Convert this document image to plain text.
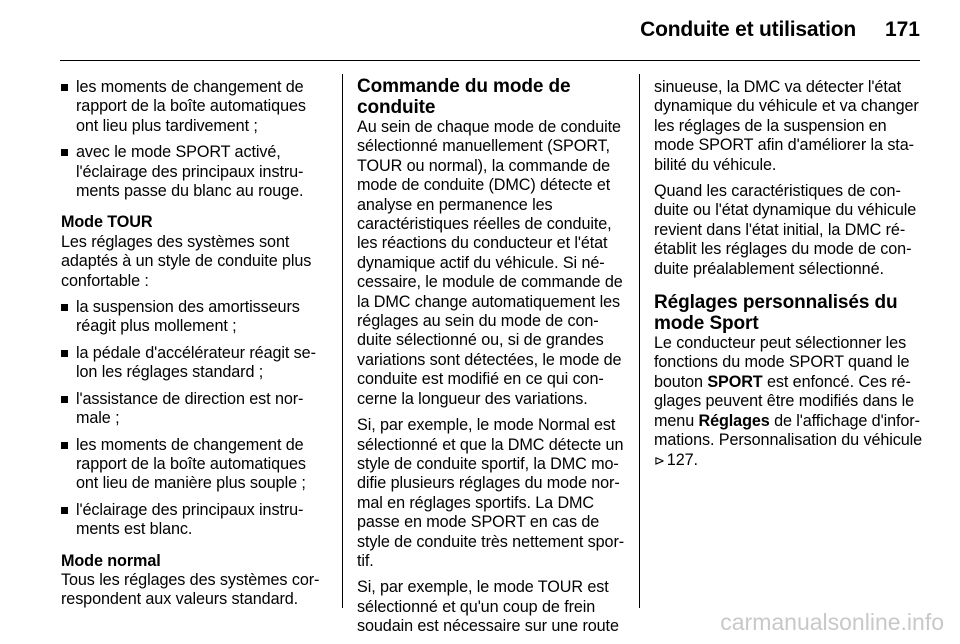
Conduite et utilisation 171
les moments de changement de rapport de la boîte automatiques ont lieu plus tardivement ;
avec le mode SPORT activé, l'éclairage des principaux instruments passe du blanc au rouge.

Mode TOUR

Les réglages des systèmes sont adaptés à un style de conduite plus confortable :

la suspension des amortisseurs réagit plus mollement ;
la pédale d'accélérateur réagit selon les réglages standard ;
l'assistance de direction est normale ;
les moments de changement de rapport de la boîte automatiques ont lieu de manière plus souple ;
l'éclairage des principaux instruments est blanc.

Mode normal

Tous les réglages des systèmes correspondent aux valeurs standard.

Commande du mode de conduite

Au sein de chaque mode de conduite sélectionné manuellement (SPORT, TOUR ou normal), la commande de mode de conduite (DMC) détecte et analyse en permanence les caractéristiques réelles de conduite, les réactions du conducteur et l'état dynamique actif du véhicule. Si nécessaire, le module de commande de la DMC change automatiquement les réglages au sein du mode de conduite sélectionné ou, si de grandes variations sont détectées, le mode de conduite est modifié en ce qui concerne la longueur des variations.

Si, par exemple, le mode Normal est sélectionné et que la DMC détecte un style de conduite sportif, la DMC modifie plusieurs réglages du mode normal en réglages sportifs. La DMC passe en mode SPORT en cas de style de conduite très nettement sportif.

Si, par exemple, le mode TOUR est sélectionné et qu'un coup de frein soudain est nécessaire sur une route

sinueuse, la DMC va détecter l'état dynamique du véhicule et va changer les réglages de la suspension en mode SPORT afin d'améliorer la stabilité du véhicule.

Quand les caractéristiques de conduite ou l'état dynamique du véhicule revient dans l'état initial, la DMC réétablit les réglages du mode de conduite préalablement sélectionné.

Réglages personnalisés du mode Sport

Le conducteur peut sélectionner les fonctions du mode SPORT quand le bouton SPORT est enfoncé. Ces réglages peuvent être modifiés dans le menu Réglages de l'affichage d'informations. Personnalisation du véhicule ⊳ 127.

carmanualsonline.info
